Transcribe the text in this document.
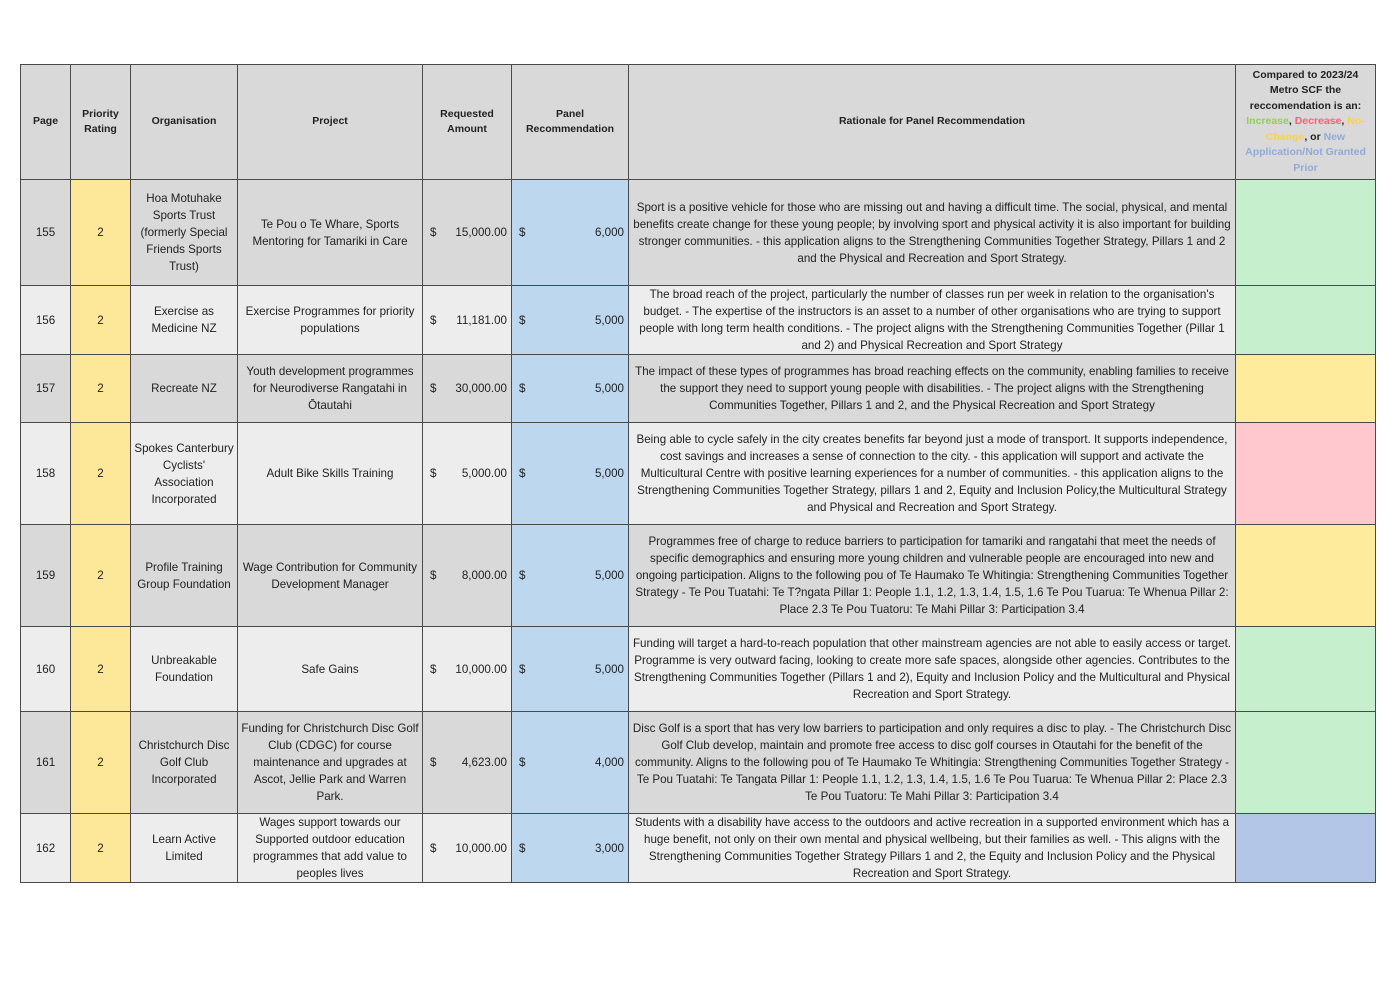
Page	Priority Rating	Organisation	Project	Requested Amount	Panel Recommendation	Rationale for Panel Recommendation	Compared to 2023/24 Metro SCF the reccomendation is an:
Increase, Decrease, No-Change, or New Application/Not Granted Prior
155	2	Hoa Motuhake Sports Trust (formerly Special Friends Sports Trust)	Te Pou o Te Whare, Sports Mentoring for Tamariki in Care	$ 15,000.00	$ 6,000	Sport is a positive vehicle for those who are missing out and having a difficult time. The social, physical, and mental benefits create change for these young people; by involving sport and physical activity it is also important for building stronger communities. - this application aligns to the Strengthening Communities Together Strategy, Pillars 1 and 2 and the Physical and Recreation and Sport Strategy.	
156	2	Exercise as Medicine NZ	Exercise Programmes for priority populations	$ 11,181.00	$ 5,000	The broad reach of the project, particularly the number of classes run per week in relation to the organisation's budget. - The expertise of the instructors is an asset to a number of other organisations who are trying to support people with long term health conditions. - The project aligns with the Strengthening Communities Together (Pillar 1 and 2) and Physical Recreation and Sport Strategy	
157	2	Recreate NZ	Youth development programmes for Neurodiverse Rangatahi in Ōtautahi	$ 30,000.00	$ 5,000	The impact of these types of programmes has broad reaching effects on the community, enabling families to receive the support they need to support young people with disabilities. - The project aligns with the Strengthening Communities Together, Pillars 1 and 2, and the Physical Recreation and Sport Strategy	
158	2	Spokes Canterbury Cyclists' Association Incorporated	Adult Bike Skills Training	$ 5,000.00	$ 5,000	Being able to cycle safely in the city creates benefits far beyond just a mode of transport. It supports independence, cost savings and increases a sense of connection to the city. - this application will support and activate the Multicultural Centre with positive learning experiences for a number of communities. - this application aligns to the Strengthening Communities Together Strategy, pillars 1 and 2, Equity and Inclusion Policy,the Multicultural Strategy and Physical and Recreation and Sport Strategy.	
159	2	Profile Training Group Foundation	Wage Contribution for Community Development Manager	$ 8,000.00	$ 5,000	Programmes free of charge to reduce barriers to participation for tamariki and rangatahi that meet the needs of specific demographics and ensuring more young children and vulnerable people are encouraged into new and ongoing participation. Aligns to the following pou of Te Haumako Te Whitingia: Strengthening Communities Together Strategy - Te Pou Tuatahi: Te T?ngata Pillar 1: People 1.1, 1.2, 1.3, 1.4, 1.5, 1.6 Te Pou Tuarua: Te Whenua Pillar 2: Place 2.3 Te Pou Tuatoru: Te Mahi Pillar 3: Participation 3.4	
160	2	Unbreakable Foundation	Safe Gains	$ 10,000.00	$ 5,000	Funding will target a hard-to-reach population that other mainstream agencies are not able to easily access or target.
Programme is very outward facing, looking to create more safe spaces, alongside other agencies. Contributes to the Strengthening Communities Together (Pillars 1 and 2), Equity and Inclusion Policy and the Multicultural and Physical Recreation and Sport Strategy.	
161	2	Christchurch Disc Golf Club Incorporated	Funding for Christchurch Disc Golf Club (CDGC) for course maintenance and upgrades at Ascot, Jellie Park and Warren Park.	$ 4,623.00	$ 4,000	Disc Golf is a sport that has very low barriers to participation and only requires a disc to play. - The Christchurch Disc Golf Club develop, maintain and promote free access to disc golf courses in Otautahi for the benefit of the community. Aligns to the following pou of Te Haumako Te Whitingia: Strengthening Communities Together Strategy - Te Pou Tuatahi: Te Tangata Pillar 1: People 1.1, 1.2, 1.3, 1.4, 1.5, 1.6 Te Pou Tuarua: Te Whenua Pillar 2: Place 2.3 Te Pou Tuatoru: Te Mahi Pillar 3: Participation 3.4	
162	2	Learn Active Limited	Wages support towards our Supported outdoor education programmes that add value to peoples lives	$ 10,000.00	$ 3,000	Students with a disability have access to the outdoors and active recreation in a supported environment which has a huge benefit, not only on their own mental and physical wellbeing, but their families as well. - This aligns with the Strengthening Communities Together Strategy Pillars 1 and 2, the Equity and Inclusion Policy and the Physical Recreation and Sport Strategy.	
